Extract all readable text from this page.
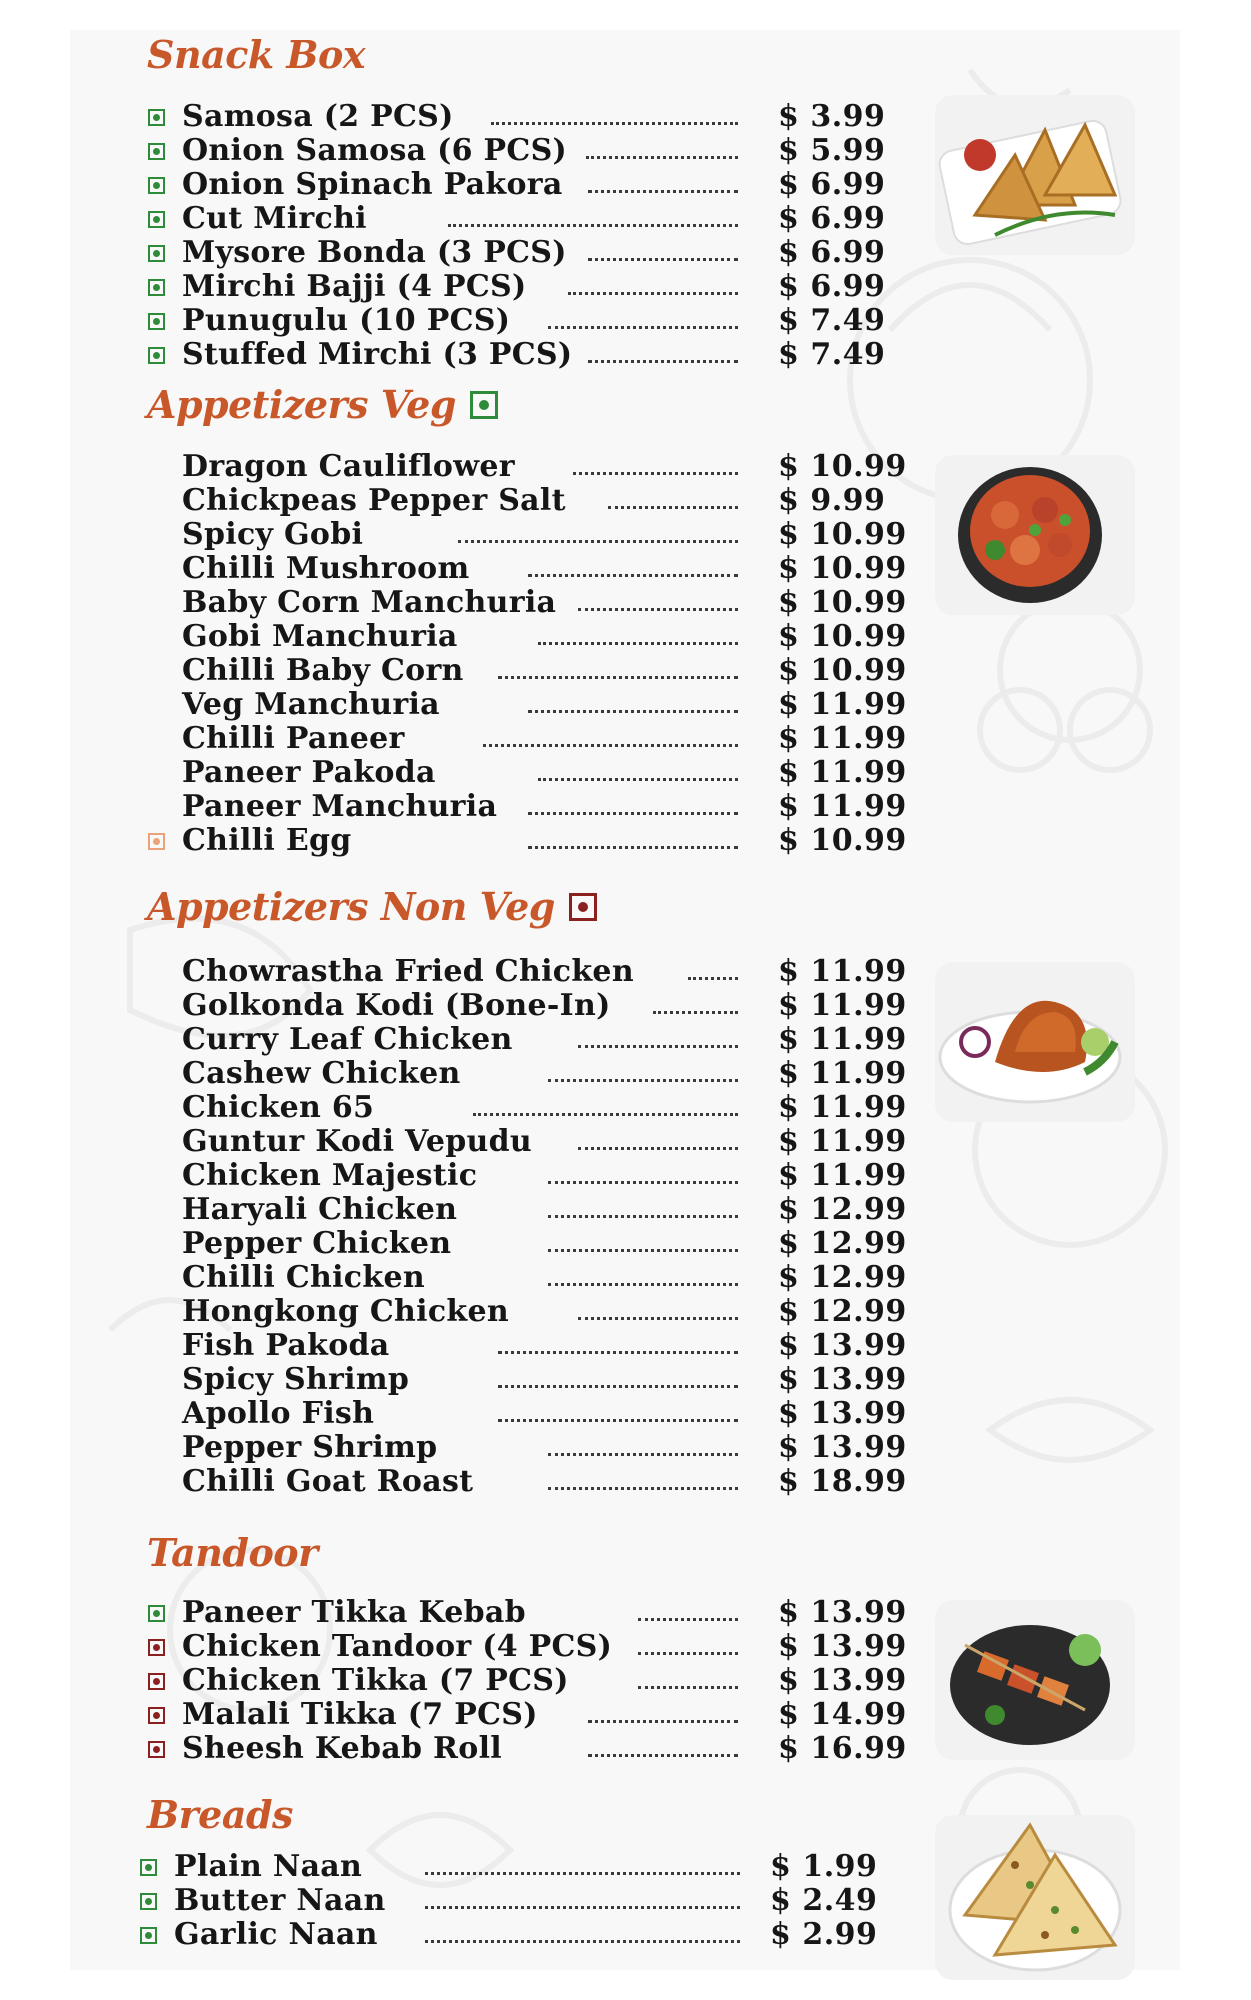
Snack Box
Samosa (2 PCS)	$ 3.99
Onion Samosa (6 PCS)	$ 5.99
Onion Spinach Pakora	$ 6.99
Cut Mirchi	$ 6.99
Mysore Bonda (3 PCS)	$ 6.99
Mirchi Bajji (4 PCS)	$ 6.99
Punugulu (10 PCS)	$ 7.49
Stuffed Mirchi (3 PCS)	$ 7.49
Appetizers Veg
Dragon Cauliflower	$ 10.99
Chickpeas Pepper Salt	$ 9.99
Spicy Gobi	$ 10.99
Chilli Mushroom	$ 10.99
Baby Corn Manchuria	$ 10.99
Gobi Manchuria	$ 10.99
Chilli Baby Corn	$ 10.99
Veg Manchuria	$ 11.99
Chilli Paneer	$ 11.99
Paneer Pakoda	$ 11.99
Paneer Manchuria	$ 11.99
Chilli Egg	$ 10.99
Appetizers Non Veg
Chowrastha Fried Chicken	$ 11.99
Golkonda Kodi (Bone-In)	$ 11.99
Curry Leaf Chicken	$ 11.99
Cashew Chicken	$ 11.99
Chicken 65	$ 11.99
Guntur Kodi Vepudu	$ 11.99
Chicken Majestic	$ 11.99
Haryali Chicken	$ 12.99
Pepper Chicken	$ 12.99
Chilli Chicken	$ 12.99
Hongkong Chicken	$ 12.99
Fish Pakoda	$ 13.99
Spicy Shrimp	$ 13.99
Apollo Fish	$ 13.99
Pepper Shrimp	$ 13.99
Chilli Goat Roast	$ 18.99
Tandoor
Paneer Tikka Kebab	$ 13.99
Chicken Tandoor (4 PCS)	$ 13.99
Chicken Tikka (7 PCS)	$ 13.99
Malali Tikka (7 PCS)	$ 14.99
Sheesh Kebab Roll	$ 16.99
Breads
Plain Naan	$ 1.99
Butter Naan	$ 2.49
Garlic Naan	$ 2.99
